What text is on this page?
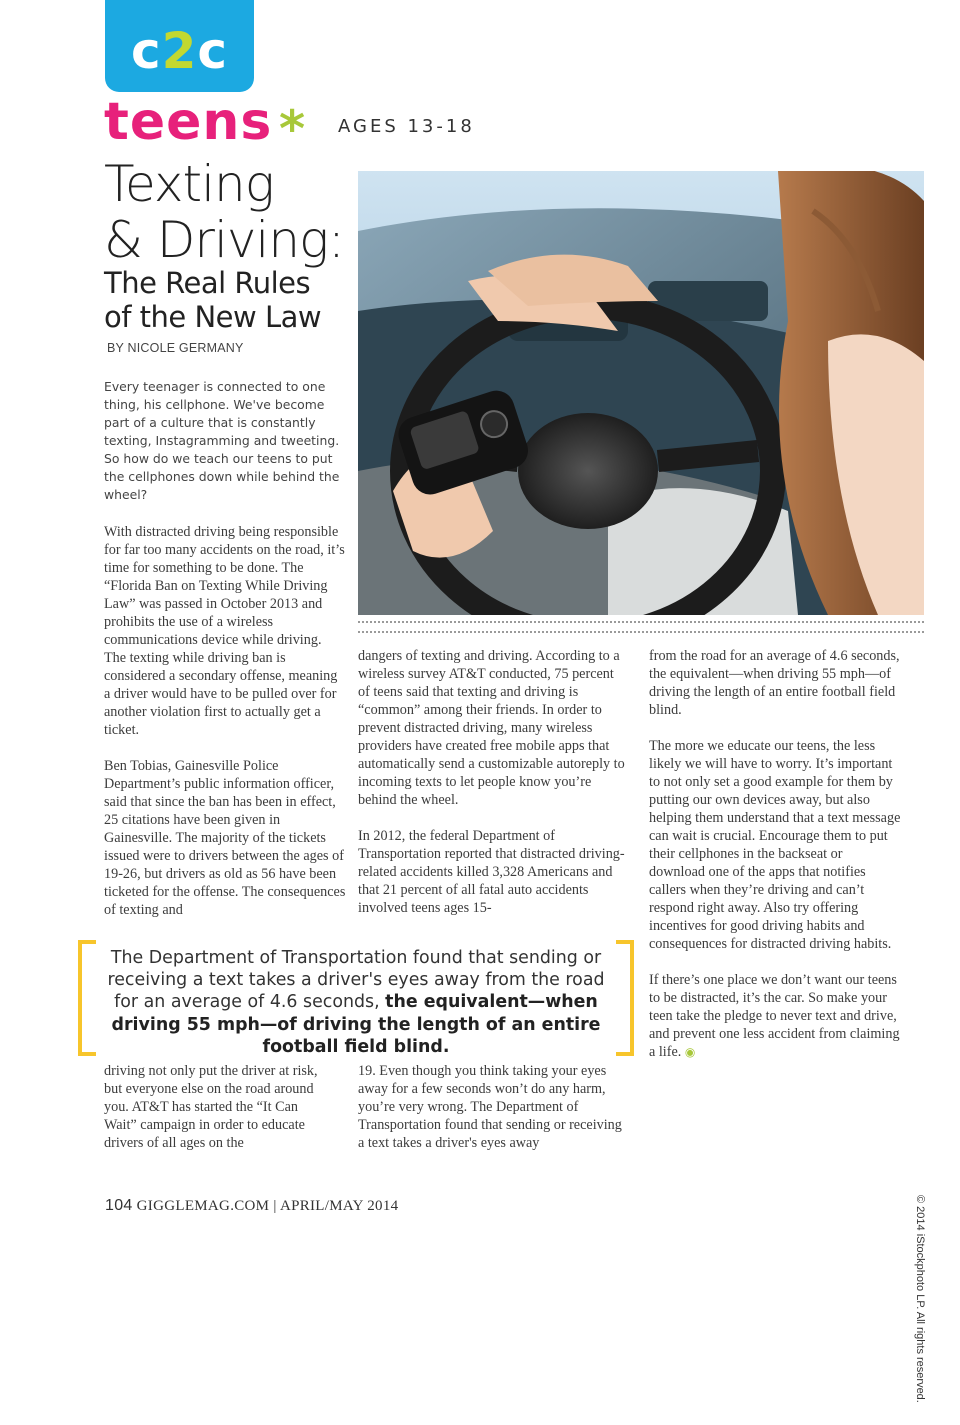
c2c
teens * AGES 13-18
Texting
& Driving:
The Real Rules
of the New Law
BY NICOLE GERMANY
Every teenager is connected to one thing, his cellphone. We've become part of a culture that is constantly texting, Instagramming and tweeting. So how do we teach our teens to put the cellphones down while behind the wheel?

With distracted driving being responsible for far too many accidents on the road, it’s time for something to be done. The “Florida Ban on Texting While Driving Law” was passed in October 2013 and prohibits the use of a wireless communications device while driving. The texting while driving ban is considered a secondary offense, meaning a driver would have to be pulled over for another violation first to actually get a ticket.

Ben Tobias, Gainesville Police Department’s public information officer, said that since the ban has been in effect, 25 citations have been given in Gainesville. The majority of the tickets issued were to drivers between the ages of 19-26, but drivers as old as 56 have been ticketed for the offense. The consequences of texting and

dangers of texting and driving. According to a wireless survey AT&T conducted, 75 percent of teens said that texting and driving is “common” among their friends. In order to prevent distracted driving, many wireless providers have created free mobile apps that automatically send a customizable autoreply to incoming texts to let people know you’re behind the wheel.

In 2012, the federal Department of Transportation reported that distracted driving-related accidents killed 3,328 Americans and that 21 percent of all fatal auto accidents involved teens ages 15-

from the road for an average of 4.6 seconds, the equivalent—when driving 55 mph—of driving the length of an entire football field blind.

The more we educate our teens, the less likely we will have to worry. It’s important to not only set a good example for them by putting our own devices away, but also helping them understand that a text message can wait is crucial. Encourage them to put their cellphones in the backseat or download one of the apps that notifies callers when they’re driving and can’t respond right away. Also try offering incentives for good driving habits and consequences for distracted driving habits.

If there’s one place we don’t want our teens to be distracted, it’s the car. So make your teen take the pledge to never text and drive, and prevent one less accident from claiming a life. ◉

The Department of Transportation found that sending or receiving a text takes a driver's eyes away from the road for an average of 4.6 seconds, the equivalent—when driving 55 mph—of driving the length of an entire football field blind.

driving not only put the driver at risk, but everyone else on the road around you. AT&T has started the “It Can Wait” campaign in order to educate drivers of all ages on the

19. Even though you think taking your eyes away for a few seconds won’t do any harm, you’re very wrong. The Department of Transportation found that sending or receiving a text takes a driver's eyes away

104 GIGGLEMAG.COM | APRIL/MAY 2014	© 2014 iStockphoto LP. All rights reserved.
